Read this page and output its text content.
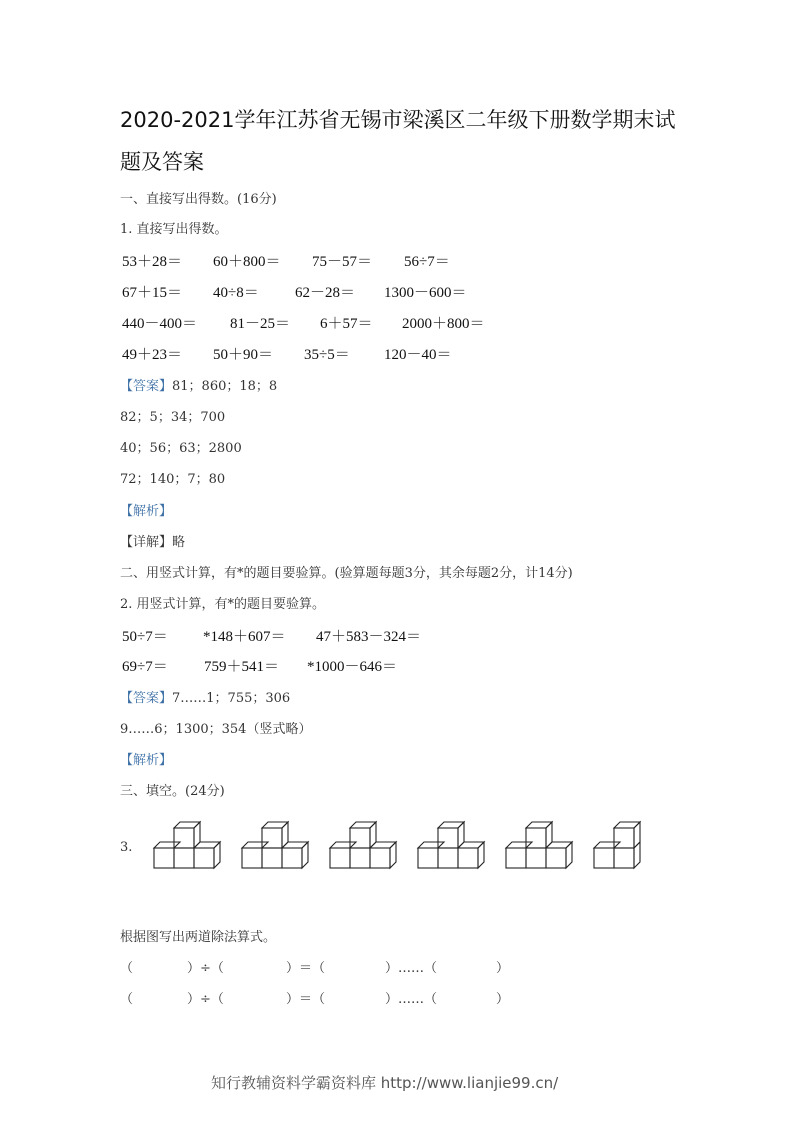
2020-2021学年江苏省无锡市梁溪区二年级下册数学期末试
题及答案
一、直接写出得数。(16分)
1. 直接写出得数。
53＋28＝ 60＋800＝ 75－57＝ 56÷7＝
67＋15＝ 40÷8＝ 62－28＝ 1300－600＝
440－400＝ 81－25＝ 6＋57＝ 2000＋800＝
49＋23＝ 50＋90＝ 35÷5＝ 120－40＝
【答案】81；860；18；8
82；5；34；700
40；56；63；2800
72；140；7；80
【解析】
【详解】略
二、用竖式计算，有*的题目要验算。(验算题每题3分，其余每题2分，计14分)
2. 用竖式计算，有*的题目要验算。
50÷7＝ *148＋607＝ 47＋583－324＝
69÷7＝ 759＋541＝ *1000－646＝
【答案】7……1；755；306
9……6；1300；354（竖式略）
【解析】
三、填空。(24分)
3.
根据图写出两道除法算式。
（	）÷（	）＝（	）……（	）
（	）÷（	）＝（	）……（	）
知行教辅资料学霸资料库 http://www.lianjie99.cn/
